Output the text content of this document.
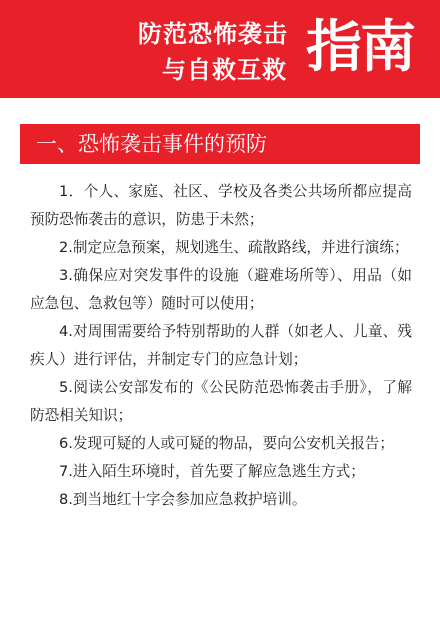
防范恐怖袭击
与自救互救 指南
一、恐怖袭击事件的预防

1．个人、家庭、社区、学校及各类公共场所都应提高预防恐怖袭击的意识，防患于未然；

2.制定应急预案，规划逃生、疏散路线，并进行演练；

3.确保应对突发事件的设施（避难场所等）、用品（如应急包、急救包等）随时可以使用；

4.对周围需要给予特别帮助的人群（如老人、儿童、残疾人）进行评估，并制定专门的应急计划；

5.阅读公安部发布的《公民防范恐怖袭击手册》，了解防恐相关知识；

6.发现可疑的人或可疑的物品，要向公安机关报告；

7.进入陌生环境时，首先要了解应急逃生方式；

8.到当地红十字会参加应急救护培训。
